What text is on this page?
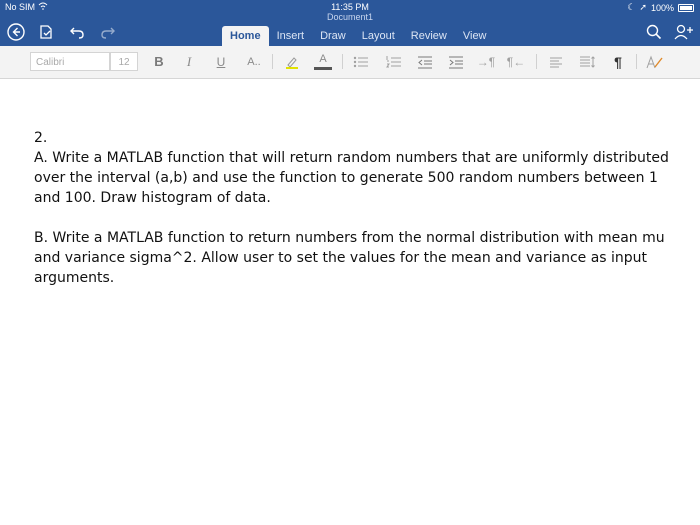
No SIM	11:35 PM
Document1
☾ ➚ 100%
Home	Insert	Draw	Layout	Review	View
Calibri	12	B	I	U	A..	A	→¶ ¶←	¶

2.

A. Write a MATLAB function that will return random numbers that are uniformly distributed over the interval (a,b) and use the function to generate 500 random numbers between 1 and 100. Draw histogram of data.

B. Write a MATLAB function to return numbers from the normal distribution with mean mu and variance sigma^2. Allow user to set the values for the mean and variance as input arguments.
